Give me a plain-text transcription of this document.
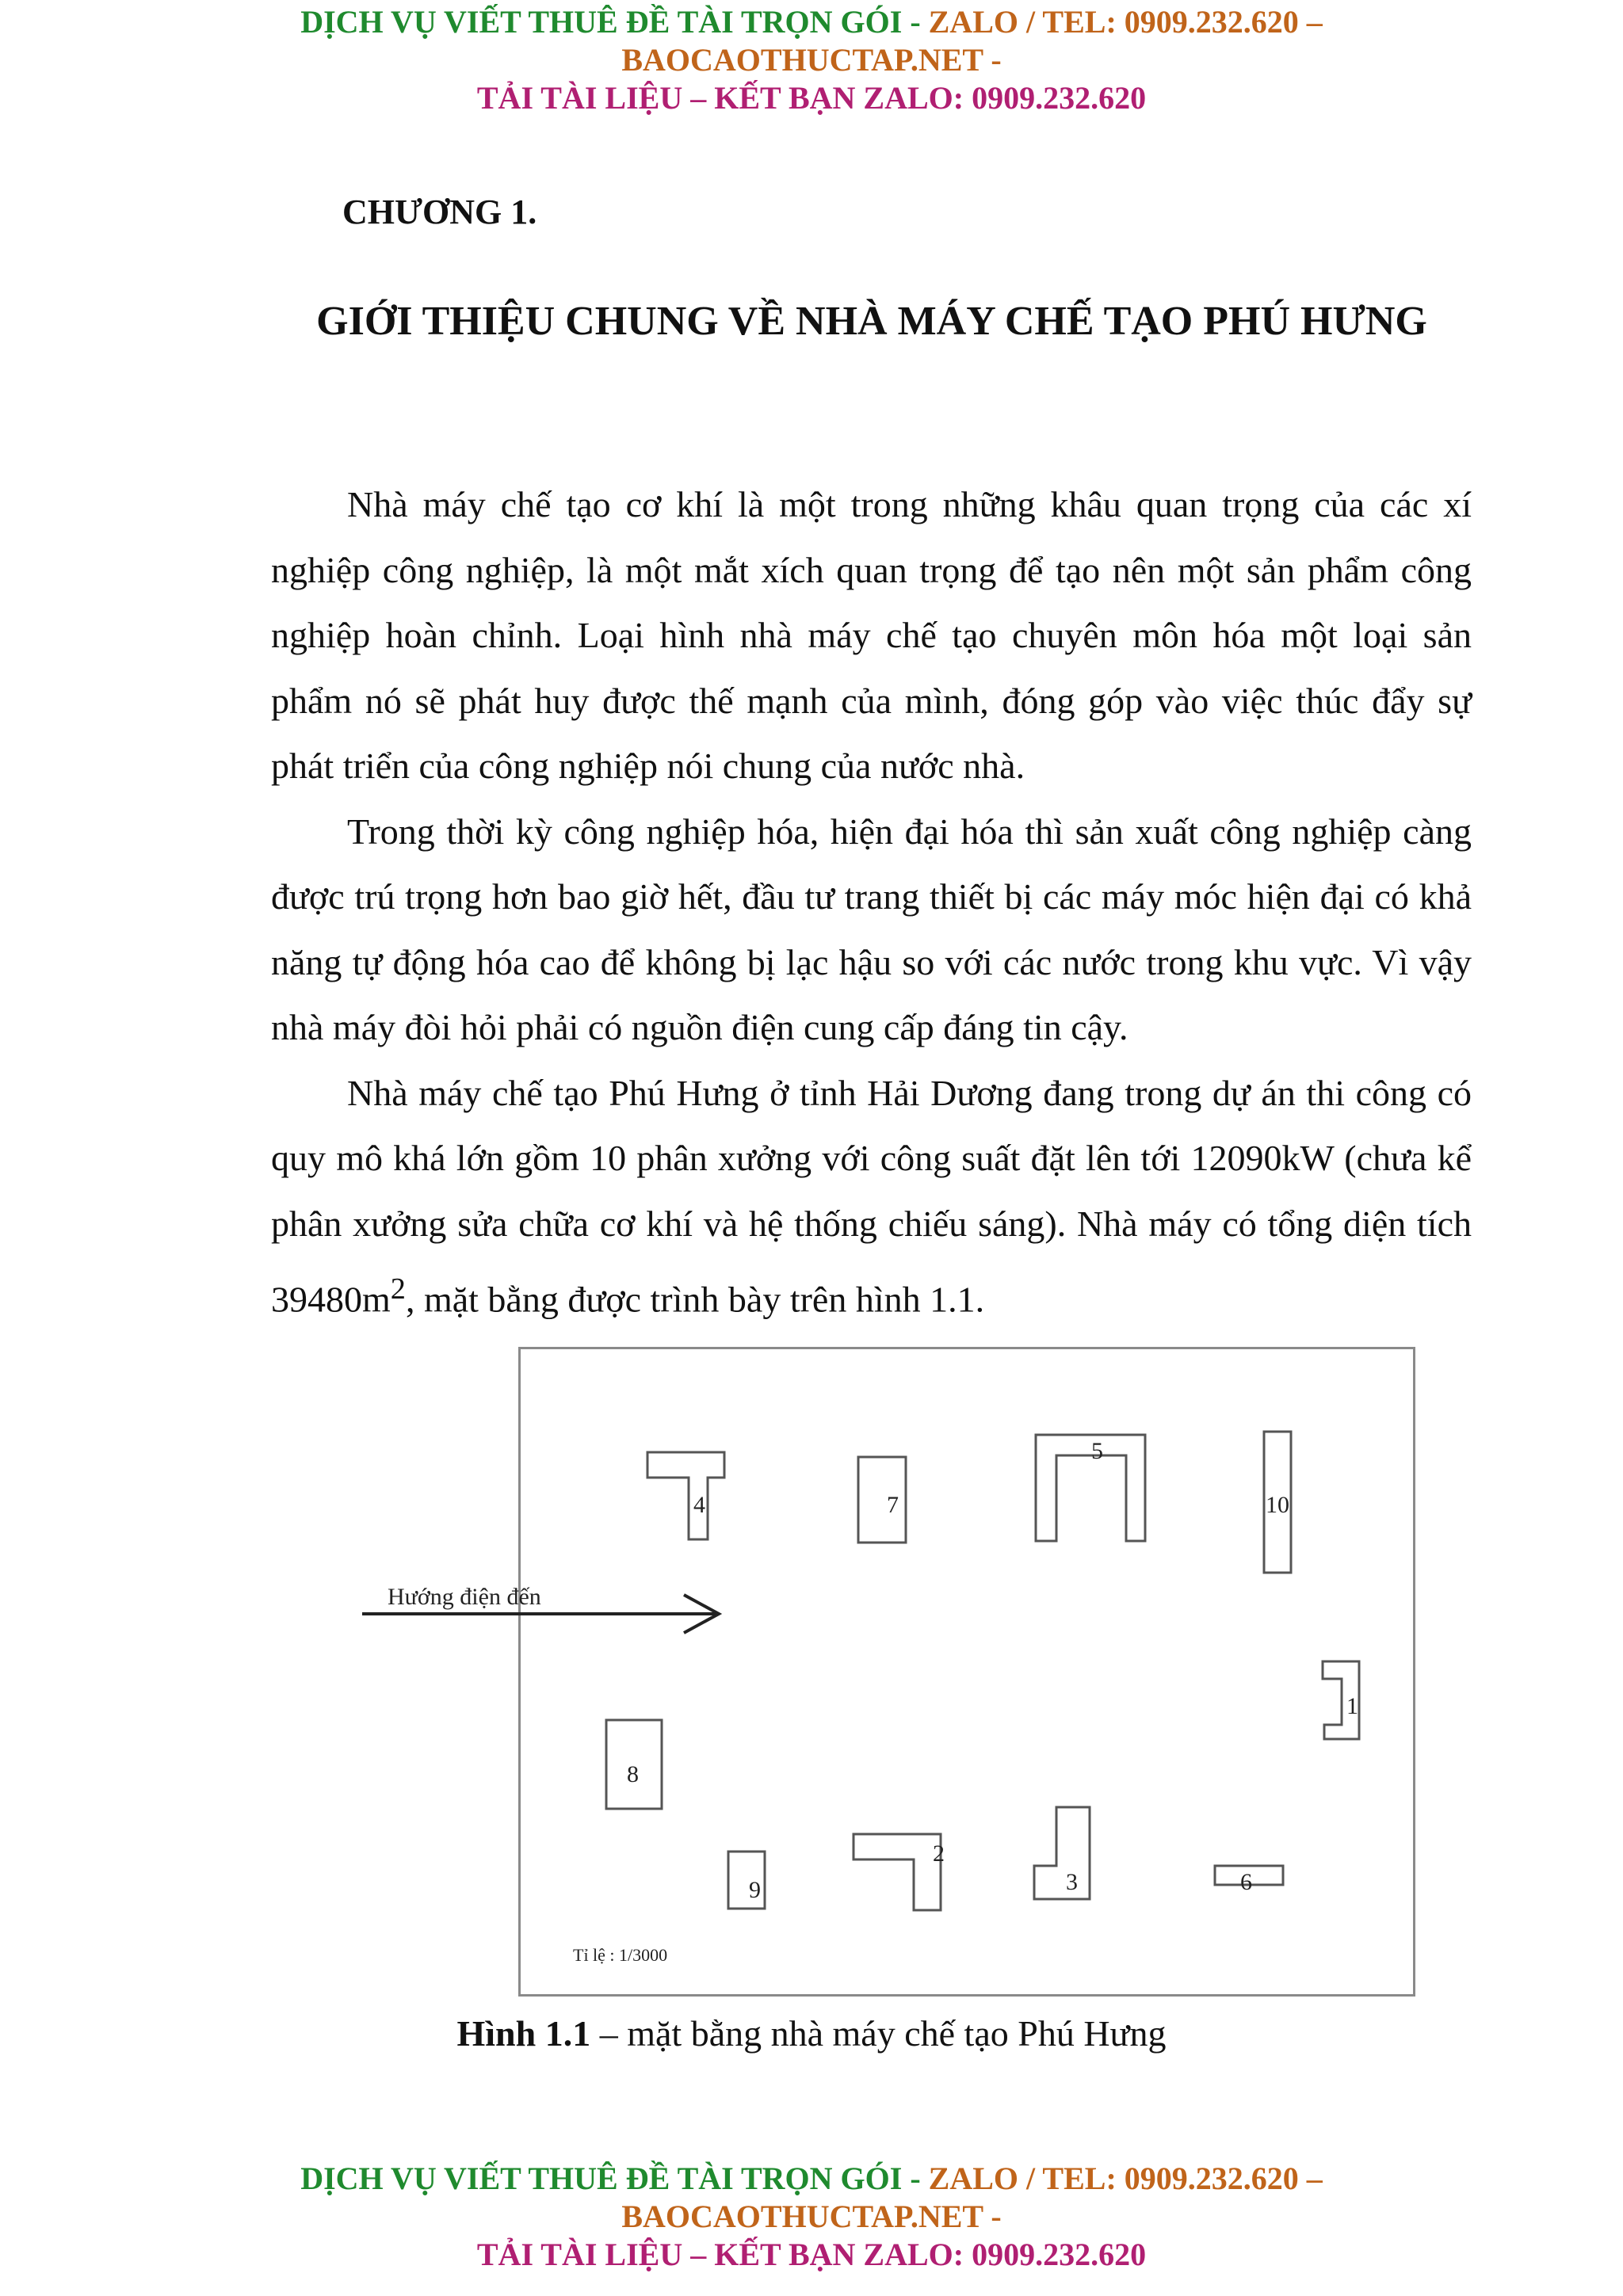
DỊCH VỤ VIẾT THUÊ ĐỀ TÀI TRỌN GÓI - ZALO / TEL: 0909.232.620 –
BAOCAOTHUCTAP.NET -
TẢI TÀI LIỆU – KẾT BẠN ZALO: 0909.232.620
CHƯƠNG 1.
GIỚI THIỆU CHUNG VỀ NHÀ MÁY CHẾ TẠO PHÚ HƯNG

Nhà máy chế tạo cơ khí là một trong những khâu quan trọng của các xí nghiệp công nghiệp, là một mắt xích quan trọng để tạo nên một sản phẩm công nghiệp hoàn chỉnh. Loại hình nhà máy chế tạo chuyên môn hóa một loại sản phẩm nó sẽ phát huy được thế mạnh của mình, đóng góp vào việc thúc đẩy sự phát triển của công nghiệp nói chung của nước nhà.

Trong thời kỳ công nghiệp hóa, hiện đại hóa thì sản xuất công nghiệp càng được trú trọng hơn bao giờ hết, đầu tư trang thiết bị các máy móc hiện đại có khả năng tự động hóa cao để không bị lạc hậu so với các nước trong khu vực. Vì vậy nhà máy đòi hỏi phải có nguồn điện cung cấp đáng tin cậy.

Nhà máy chế tạo Phú Hưng ở tỉnh Hải Dương đang trong dự án thi công có quy mô khá lớn gồm 10 phân xưởng với công suất đặt lên tới 12090kW (chưa kể phân xưởng sửa chữa cơ khí và hệ thống chiếu sáng). Nhà máy có tổng diện tích $39480m^2$, mặt bằng được trình bày trên hình 1.1.

Hướng điện đến
4	7
5
10
1
8
2
3	6
9
Tỉ lệ : 1/3000
Hình 1.1 – mặt bằng nhà máy chế tạo Phú Hưng
DỊCH VỤ VIẾT THUÊ ĐỀ TÀI TRỌN GÓI - ZALO / TEL: 0909.232.620 –
BAOCAOTHUCTAP.NET -
TẢI TÀI LIỆU – KẾT BẠN ZALO: 0909.232.620
